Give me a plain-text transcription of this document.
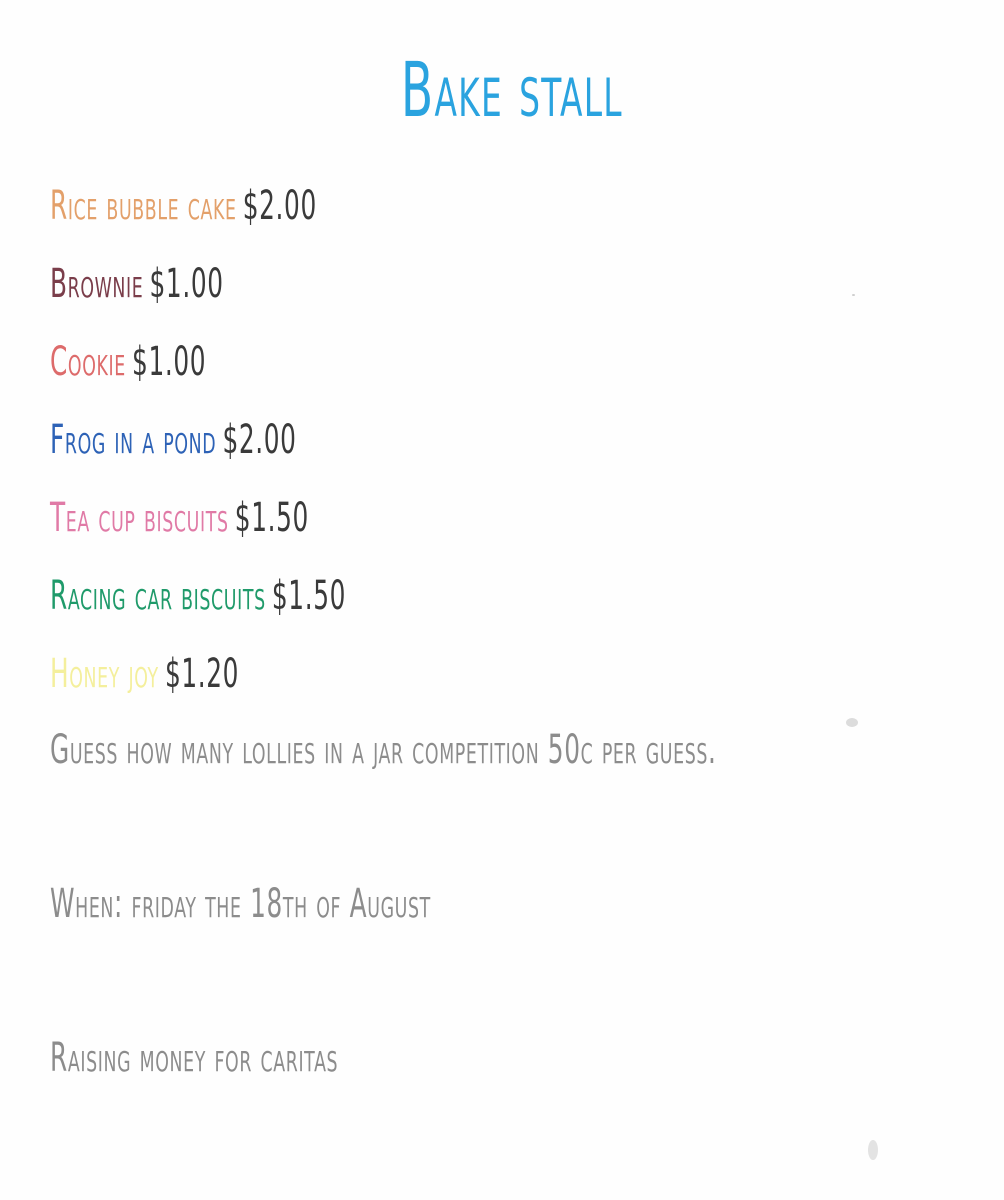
Bake stall

Rice bubble cake $2.00

Brownie $1.00

Cookie $1.00

Frog in a pond $2.00

Tea cup biscuits $1.50

Racing car biscuits $1.50

Honey joy $1.20

Guess how many lollies in a jar competition 50c per guess.

When: friday the 18th of August

Raising money for caritas
